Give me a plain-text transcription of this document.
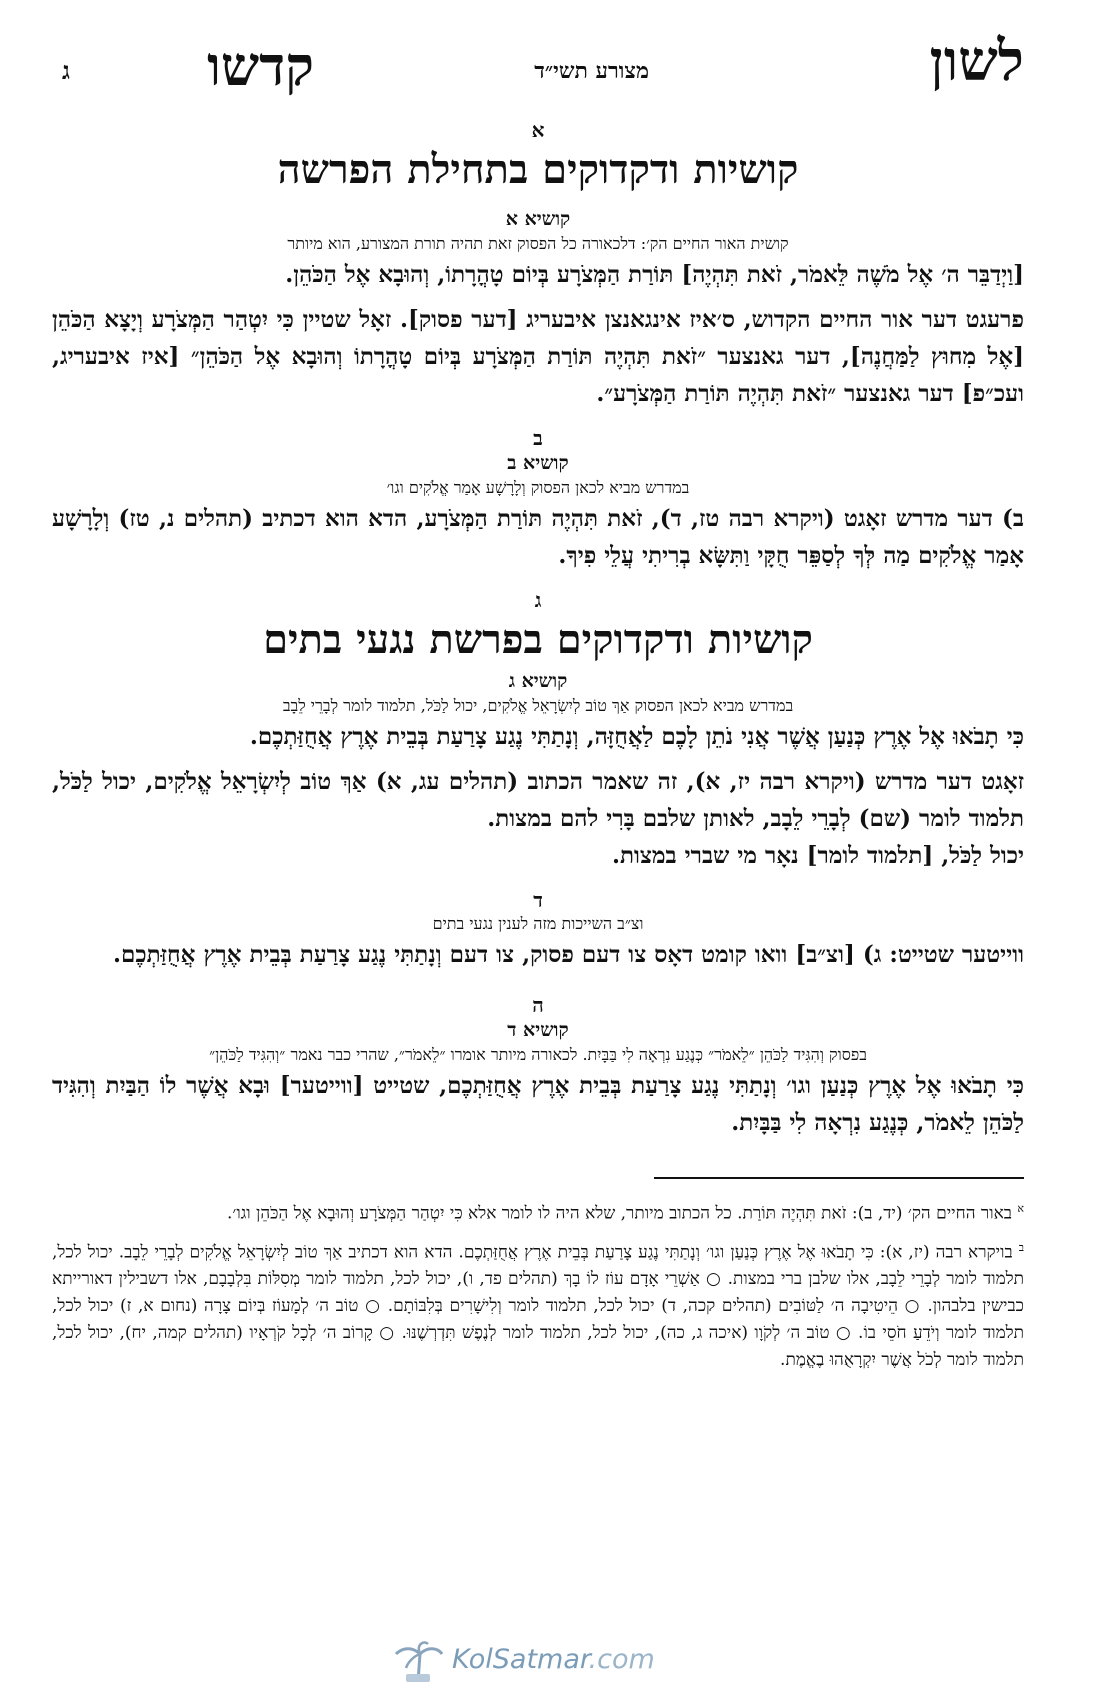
לשון
מצורע תשי״ד
קדשו
ג
א
קושיות ודקדוקים בתחילת הפרשה
קושיא א
קושית האור החיים הק׳: דלכאורה כל הפסוק זאת תהיה תורת המצורע, הוא מיותר
[וַיְדַבֵּר ה׳ אֶל מֹשֶׁה לֵּאמֹר, זֹאת תִּהְיֶה] תּוֹרַת הַמְּצֹרָע בְּיוֹם טָהֳרָתוֹ, וְהוּבָא אֶל הַכֹּהֵן.
פרעגט דער אור החיים הקדוש, ס׳איז אינגאנצן איבעריג [דער פסוק]. זאָל שטיין כִּי יִטְהַר הַמְּצֹרָע וְיָצָא הַכֹּהֵן [אֶל מִחוּץ לַמַּחֲנֶה], דער גאנצער ״זֹאת תִּהְיֶה תּוֹרַת הַמְּצֹרָע בְּיוֹם טָהֳרָתוֹ וְהוּבָא אֶל הַכֹּהֵן״ [איז איבעריג, ועכ״פ] דער גאנצער ״זֹאת תִּהְיֶה תּוֹרַת הַמְּצֹרָע״.
ב
קושיא ב
במדרש מביא לכאן הפסוק וְלָרָשָׁע אָמַר אֱלֹקִים וגו׳
ב) דער מדרש זאָגט (ויקרא רבה טז, ד), זֹאת תִּהְיֶה תּוֹרַת הַמְּצֹרָע, הדא הוא דכתיב (תהלים נ, טז) וְלָרָשָׁע אָמַר אֱלֹקִים מַה לְּךָ לְסַפֵּר חֻקָּי וַתִּשָּׂא בְרִיתִי עֲלֵי פִיךָ.
ג
קושיות ודקדוקים בפרשת נגעי בתים
קושיא ג
במדרש מביא לכאן הפסוק אַךְ טוֹב לְיִשְׂרָאֵל אֱלֹקִים, יכול לַכֹּל, תלמוד לומר לְבָרֵי לֵבָב
כִּי תָבֹאוּ אֶל אֶרֶץ כְּנַעַן אֲשֶׁר אֲנִי נֹתֵן לָכֶם לַאֲחֻזָּה, וְנָתַתִּי נֶגַע צָרַעַת בְּבֵית אֶרֶץ אֲחֻזַּתְכֶם.
זאָגט דער מדרש (ויקרא רבה יז, א), זה שאמר הכתוב (תהלים עג, א) אַךְ טוֹב לְיִשְׂרָאֵל אֱלֹקִים, יכול לַכֹּל, תלמוד לומר (שם) לְבָרֵי לֵבָב, לאותן שלבם בָּרִי להם במצות.
יכול לַכֹּל, [תלמוד לומר] נאָר מי שברי במצות.
ד
וצ״ב השייכות מזה לענין נגעי בתים
ווייטער שטייט: ג) [וצ״ב] וואו קומט דאָס צו דעם פסוק, צו דעם וְנָתַתִּי נֶגַע צָרַעַת בְּבֵית אֶרֶץ אֲחֻזַּתְכֶם.
ה
קושיא ד
בפסוק וְהִגִּיד לַכֹּהֵן ״לֵאמֹר״ כְּנֶגַע נִרְאָה לִי בַּבָּיִת. לכאורה מיותר אומרו ״לֵאמֹר״, שהרי כבר נאמר ״וְהִגִּיד לַכֹּהֵן״
כִּי תָבֹאוּ אֶל אֶרֶץ כְּנַעַן וגו׳ וְנָתַתִּי נֶגַע צָרַעַת בְּבֵית אֶרֶץ אֲחֻזַּתְכֶם, שטייט [ווייטער] וּבָא אֲשֶׁר לוֹ הַבַּיִת וְהִגִּיד לַכֹּהֵן לֵאמֹר, כְּנֶגַע נִרְאָה לִי בַּבָּיִת.
$^א$ באור החיים הק׳ (יד, ב): זֹאת תִּהְיֶה תּוֹרַת. כל הכתוב מיותר, שלא היה לו לומר אלא כִּי יִטְהַר הַמְּצֹרָע וְהוּבָא אֶל הַכֹּהֵן וגו׳.
$^ב$ בויקרא רבה (יז, א): כִּי תָבֹאוּ אֶל אֶרֶץ כְּנַעַן וגו׳ וְנָתַתִּי נֶגַע צָרַעַת בְּבֵית אֶרֶץ אֲחֻזַּתְכֶם. הדא הוא דכתיב אַךְ טוֹב לְיִשְׂרָאֵל אֱלֹקִים לְבָרֵי לֵבָב. יכול לכל, תלמוד לומר לְבָרֵי לֵבָב, אלו שלבן ברי במצות. ○ אַשְׁרֵי אָדָם עוֹז לוֹ בָךְ (תהלים פד, ו), יכול לכל, תלמוד לומר מְסִלּוֹת בִּלְבָבָם, אלו דשבילין דאורייתא כבישין בלבהון. ○ הֵיטִיבָה ה׳ לַטּוֹבִים (תהלים קכה, ד) יכול לכל, תלמוד לומר וְלִישָׁרִים בְּלִבּוֹתָם. ○ טוֹב ה׳ לְמָעוֹז בְּיוֹם צָרָה (נחום א, ז) יכול לכל, תלמוד לומר וְיֹדֵעַ חֹסֵי בוֹ. ○ טוֹב ה׳ לְקֹוָו (איכה ג, כה), יכול לכל, תלמוד לומר לְנֶפֶשׁ תִּדְרְשֶׁנּוּ. ○ קָרוֹב ה׳ לְכָל קֹרְאָיו (תהלים קמה, יח), יכול לכל, תלמוד לומר לְכֹל אֲשֶׁר יִקְרָאֻהוּ בֶאֱמֶת.
KolSatmar.com
